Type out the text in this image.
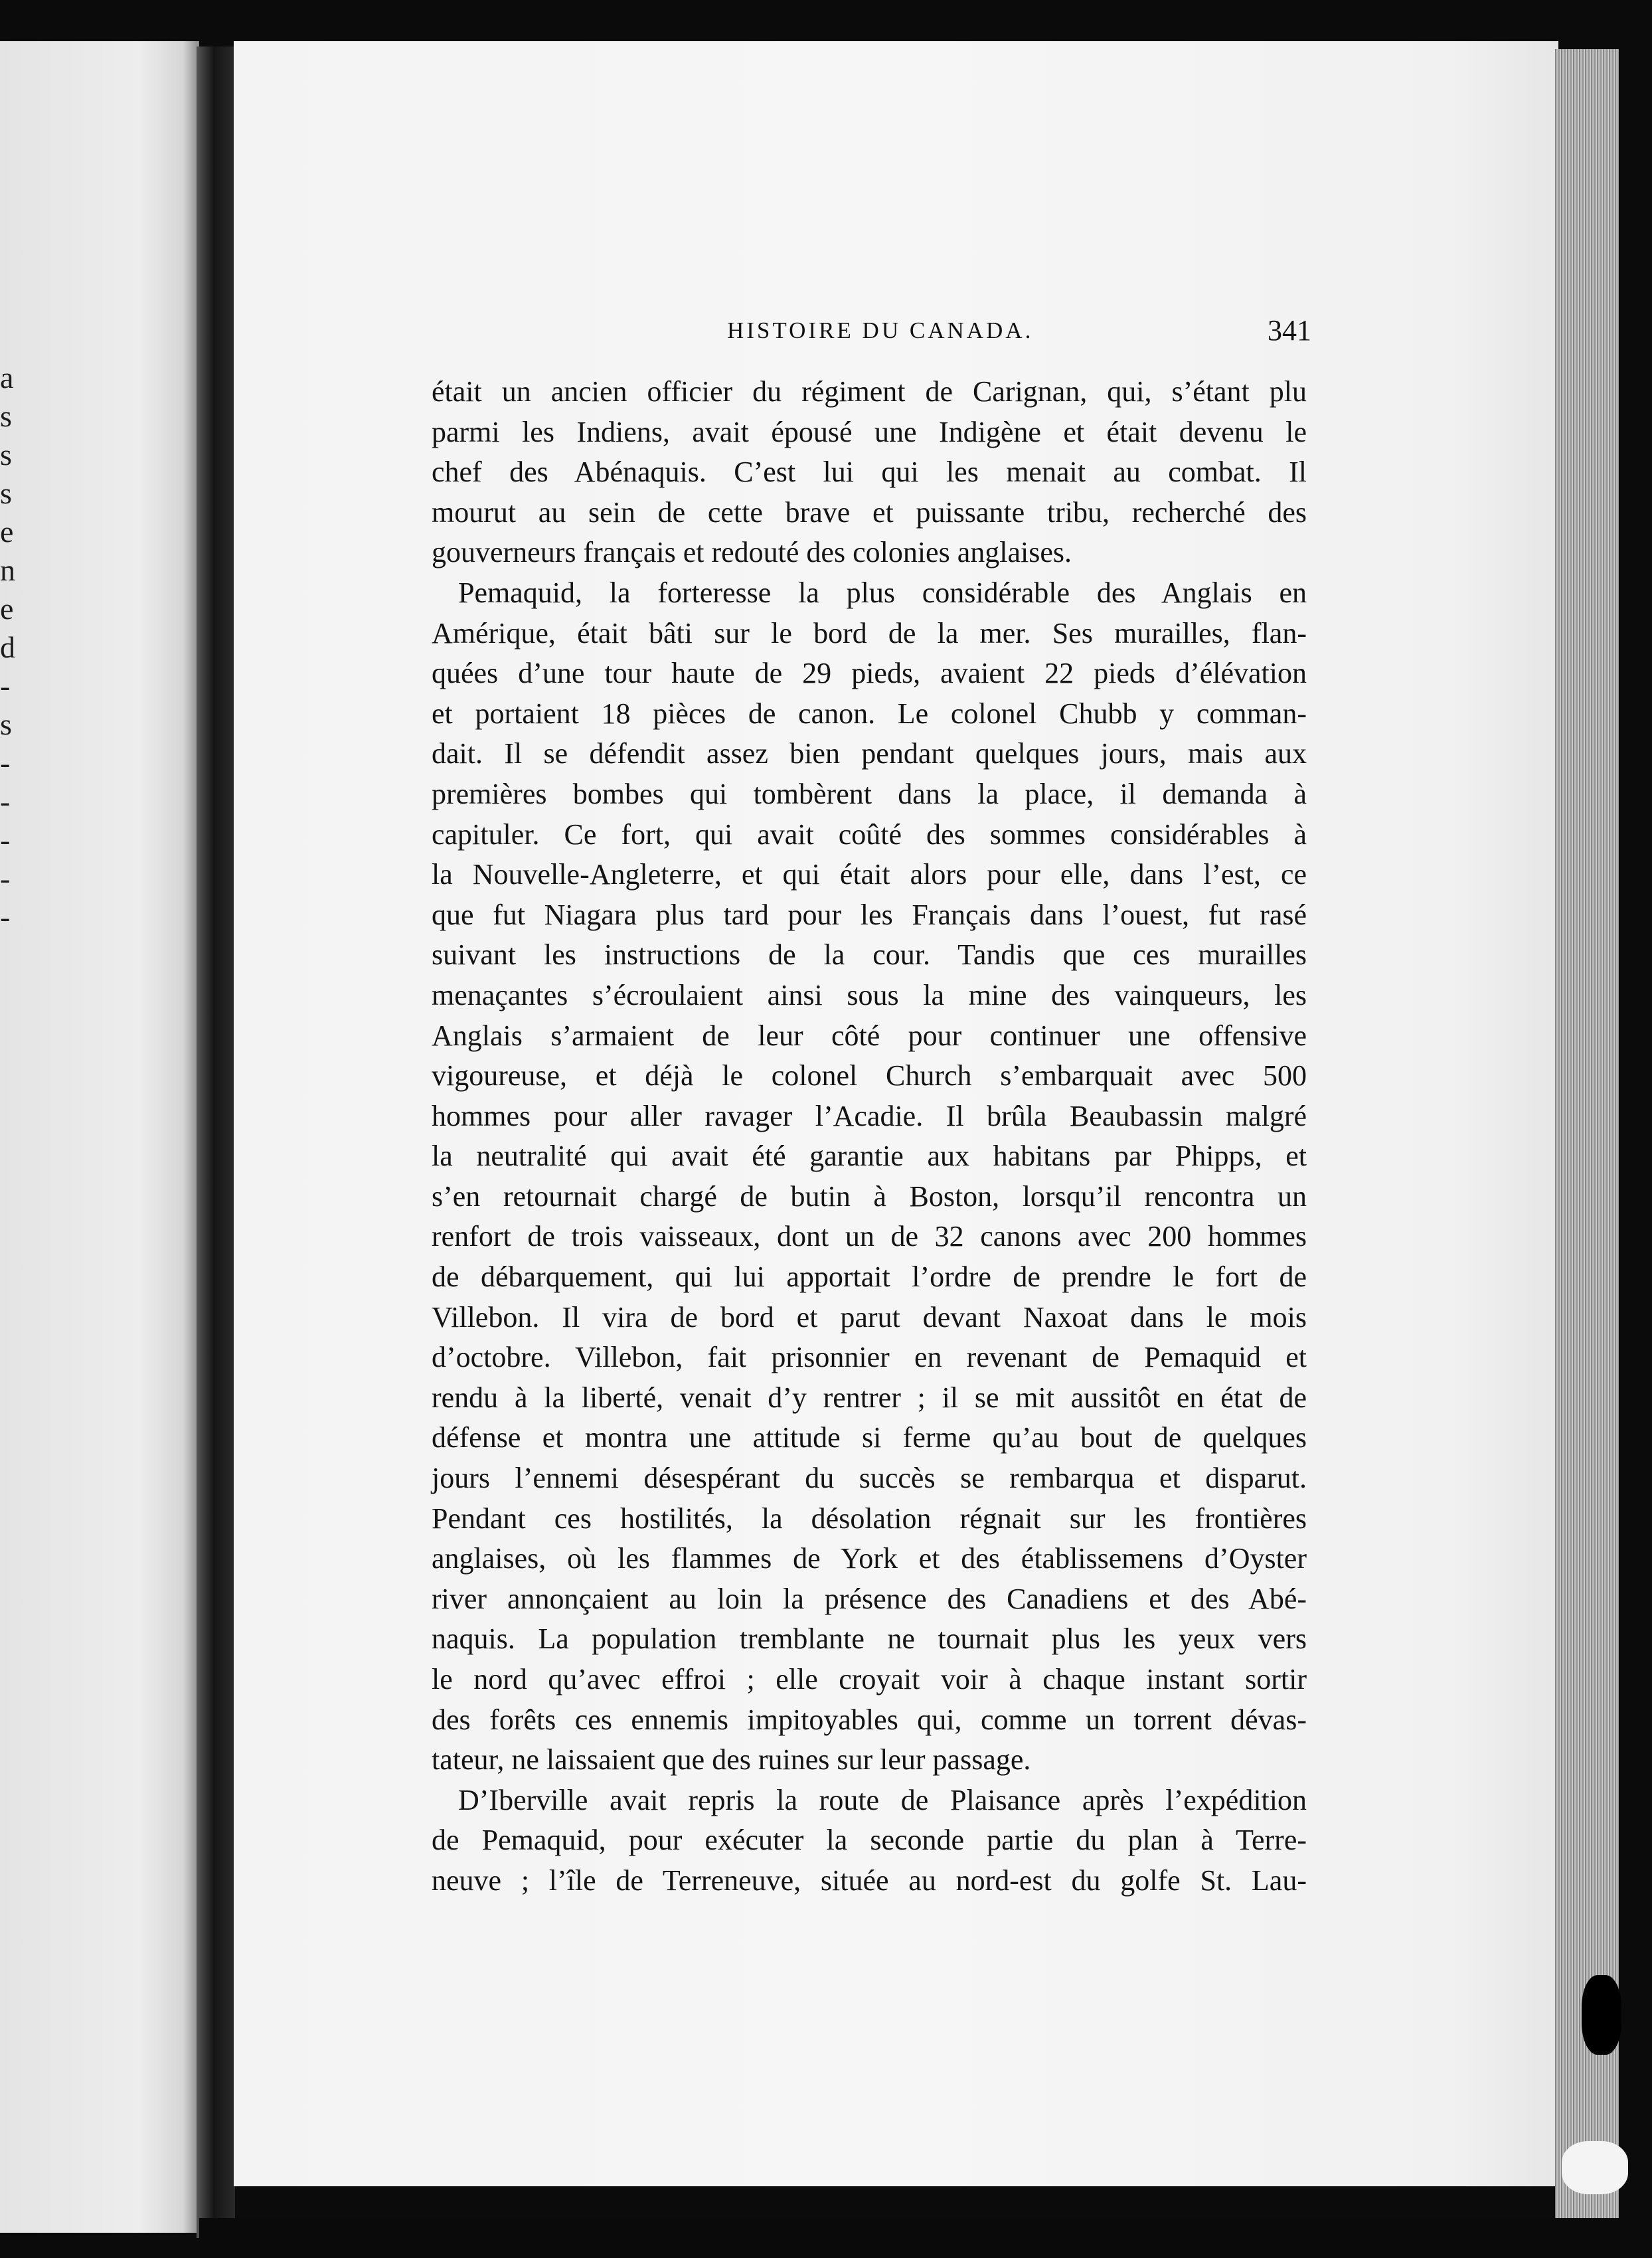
a
s
s
s
e
n
e
d
-
s
-
-
-
-
-
HISTOIRE DU CANADA.	341
était un ancien officier du régiment de Carignan, qui, s’étant plu
parmi les Indiens, avait épousé une Indigène et était devenu le
chef des Abénaquis. C’est lui qui les menait au combat. Il
mourut au sein de cette brave et puissante tribu, recherché des
gouverneurs français et redouté des colonies anglaises.
Pemaquid, la forteresse la plus considérable des Anglais en
Amérique, était bâti sur le bord de la mer. Ses murailles, flan-
quées d’une tour haute de 29 pieds, avaient 22 pieds d’élévation
et portaient 18 pièces de canon. Le colonel Chubb y comman-
dait. Il se défendit assez bien pendant quelques jours, mais aux
premières bombes qui tombèrent dans la place, il demanda à
capituler. Ce fort, qui avait coûté des sommes considérables à
la Nouvelle-Angleterre, et qui était alors pour elle, dans l’est, ce
que fut Niagara plus tard pour les Français dans l’ouest, fut rasé
suivant les instructions de la cour. Tandis que ces murailles
menaçantes s’écroulaient ainsi sous la mine des vainqueurs, les
Anglais s’armaient de leur côté pour continuer une offensive
vigoureuse, et déjà le colonel Church s’embarquait avec 500
hommes pour aller ravager l’Acadie. Il brûla Beaubassin malgré
la neutralité qui avait été garantie aux habitans par Phipps, et
s’en retournait chargé de butin à Boston, lorsqu’il rencontra un
renfort de trois vaisseaux, dont un de 32 canons avec 200 hommes
de débarquement, qui lui apportait l’ordre de prendre le fort de
Villebon. Il vira de bord et parut devant Naxoat dans le mois
d’octobre. Villebon, fait prisonnier en revenant de Pemaquid et
rendu à la liberté, venait d’y rentrer ; il se mit aussitôt en état de
défense et montra une attitude si ferme qu’au bout de quelques
jours l’ennemi désespérant du succès se rembarqua et disparut.
Pendant ces hostilités, la désolation régnait sur les frontières
anglaises, où les flammes de York et des établissemens d’Oyster
river annonçaient au loin la présence des Canadiens et des Abé-
naquis. La population tremblante ne tournait plus les yeux vers
le nord qu’avec effroi ; elle croyait voir à chaque instant sortir
des forêts ces ennemis impitoyables qui, comme un torrent dévas-
tateur, ne laissaient que des ruines sur leur passage.
D’Iberville avait repris la route de Plaisance après l’expédition
de Pemaquid, pour exécuter la seconde partie du plan à Terre-
neuve ; l’île de Terreneuve, située au nord-est du golfe St. Lau-
